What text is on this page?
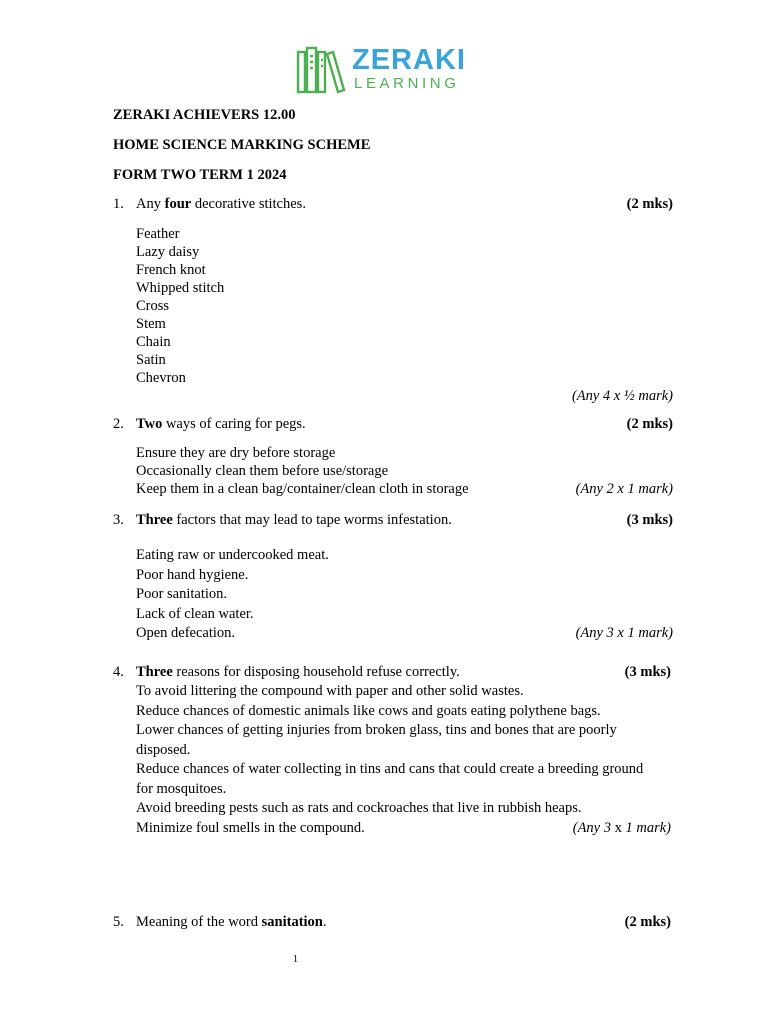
ZERAKI
LEARNING
ZERAKI ACHIEVERS 12.00
HOME SCIENCE MARKING SCHEME
FORM TWO TERM 1 2024
1. Any four decorative stitches.	(2 mks)
Feather
Lazy daisy
French knot
Whipped stitch
Cross
Stem
Chain
Satin
Chevron

(Any 4 x ½ mark)
2. Two ways of caring for pegs.	(2 mks)
Ensure they are dry before storage
Occasionally clean them before use/storage
Keep them in a clean bag/container/clean cloth in storage	(Any 2 x 1 mark)
3. Three factors that may lead to tape worms infestation.	(3 mks)
Eating raw or undercooked meat.
Poor hand hygiene.
Poor sanitation.
Lack of clean water.
Open defecation.	(Any 3 x 1 mark)
4. Three reasons for disposing household refuse correctly.	(3 mks)
To avoid littering the compound with paper and other solid wastes.
Reduce chances of domestic animals like cows and goats eating polythene bags.
Lower chances of getting injuries from broken glass, tins and bones that are poorly
disposed.
Reduce chances of water collecting in tins and cans that could create a breeding ground
for mosquitoes.
Avoid breeding pests such as rats and cockroaches that live in rubbish heaps.
Minimize foul smells in the compound.	(Any 3 x 1 mark)
5. Meaning of the word sanitation.	(2 mks)
1
